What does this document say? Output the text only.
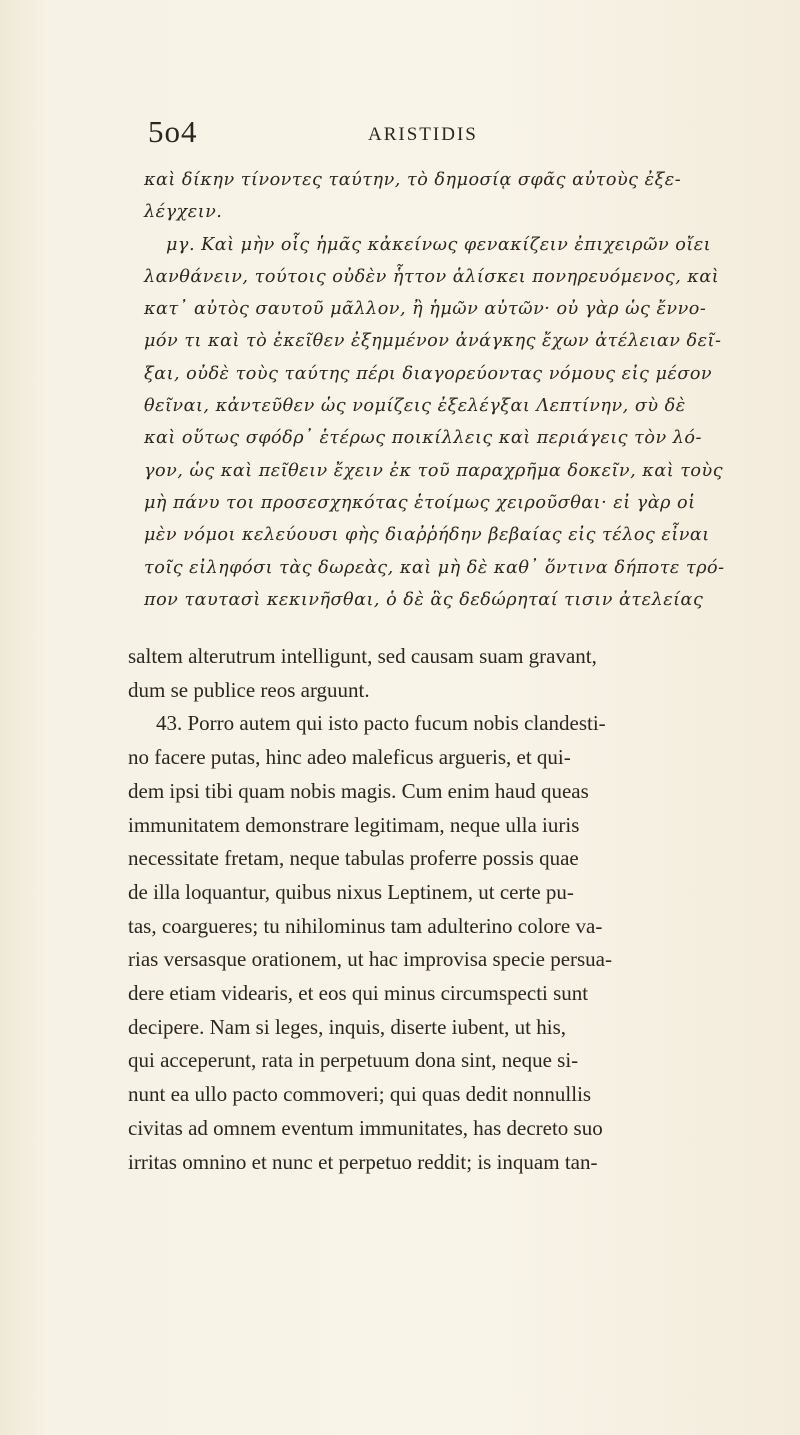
5o4	ARISTIDIS
καὶ δίκην τίνοντες ταύτην, τὸ δημοσίᾳ σφᾶς αὐτοὺς ἐξε-
λέγχειν.
μγ. Καὶ μὴν οἷς ἡμᾶς κἀκείνως φενακίζειν ἐπιχειρῶν οἴει
λανθάνειν, τούτοις οὐδὲν ἧττον ἁλίσκει πονηρευόμενος, καὶ
κατ᾽ αὐτὸς σαυτοῦ μᾶλλον, ἢ ἡμῶν αὐτῶν· οὐ γὰρ ὡς ἔννο-
μόν τι καὶ τὸ ἐκεῖθεν ἐξημμένον ἀνάγκης ἔχων ἀτέλειαν δεῖ-
ξαι, οὐδὲ τοὺς ταύτης πέρι διαγορεύοντας νόμους εἰς μέσον
θεῖναι, κἀντεῦθεν ὡς νομίζεις ἐξελέγξαι Λεπτίνην, σὺ δὲ
καὶ οὕτως σφόδρ᾽ ἑτέρως ποικίλλεις καὶ περιάγεις τὸν λό-
γον, ὡς καὶ πεῖθειν ἔχειν ἐκ τοῦ παραχρῆμα δοκεῖν, καὶ τοὺς
μὴ πάνυ τοι προσεσχηκότας ἑτοίμως χειροῦσθαι· εἰ γὰρ οἱ
μὲν νόμοι κελεύουσι φὴς διαῤῥήδην βεβαίας εἰς τέλος εἶναι
τοῖς εἰληφόσι τὰς δωρεὰς, καὶ μὴ δὲ καθ᾽ ὅντινα δήποτε τρό-
πον ταυτασὶ κεκινῆσθαι, ὁ δὲ ἃς δεδώρηταί τισιν ἀτελείας
saltem alterutrum intelligunt, sed causam suam gravant,
dum se publice reos arguunt.
43. Porro autem qui isto pacto fucum nobis clandesti-
no facere putas, hinc adeo maleficus argueris, et qui-
dem ipsi tibi quam nobis magis. Cum enim haud queas
immunitatem demonstrare legitimam, neque ulla iuris
necessitate fretam, neque tabulas proferre possis quae
de illa loquantur, quibus nixus Leptinem, ut certe pu-
tas, coargueres; tu nihilominus tam adulterino colore va-
rias versasque orationem, ut hac improvisa specie persua-
dere etiam videaris, et eos qui minus circumspecti sunt
decipere. Nam si leges, inquis, diserte iubent, ut his,
qui acceperunt, rata in perpetuum dona sint, neque si-
nunt ea ullo pacto commoveri; qui quas dedit nonnullis
civitas ad omnem eventum immunitates, has decreto suo
irritas omnino et nunc et perpetuo reddit; is inquam tan-
